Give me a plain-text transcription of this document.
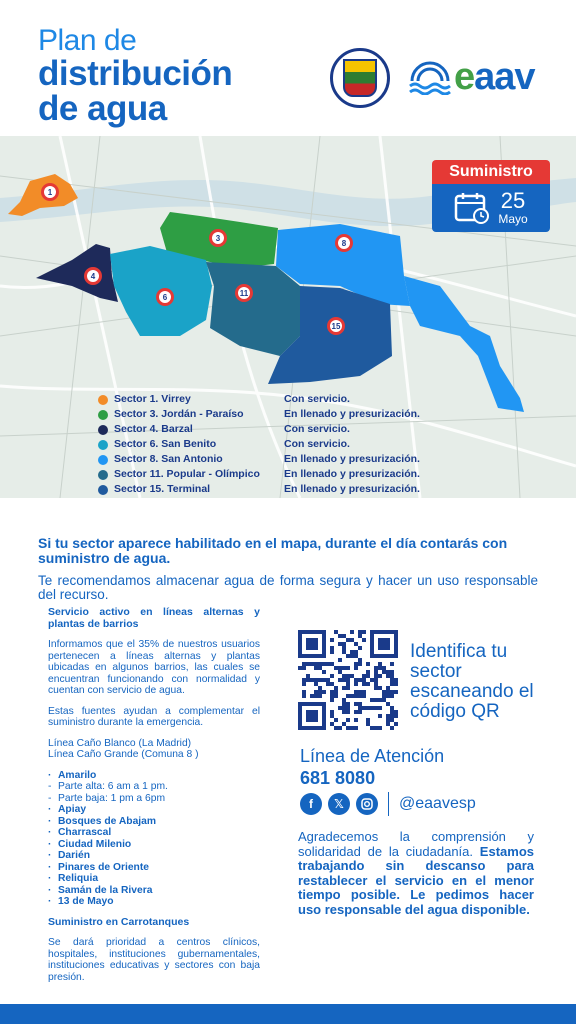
Plan de
distribución
de agua
eaav
1
3
4
6
8
11
15
Suministro
25
Mayo
Sector 1. Virrey	Con servicio.
Sector 3. Jordán - Paraíso	En llenado y presurización.
Sector 4. Barzal	Con servicio.
Sector 6. San Benito	Con servicio.
Sector 8. San Antonio	En llenado y presurización.
Sector 11. Popular - Olímpico	En llenado y presurización.
Sector 15. Terminal	En llenado y presurización.

Si tu sector aparece habilitado en el mapa, durante el día contarás con suministro de agua.

Te recomendamos almacenar agua de forma segura y hacer un uso responsable del recurso.

Servicio activo en líneas alternas y plantas de barrios

Informamos que el 35% de nuestros usuarios pertenecen a líneas alternas y plantas ubicadas en algunos barrios, las cuales se encuentran funcionando con normalidad y cuentan con servicio de agua.

Estas fuentes ayudan a complementar el suministro durante la emergencia.

Línea Caño Blanco (La Madrid)

Línea Caño Grande (Comuna 8 )

· Amarilo
- Parte alta: 6 am a 1 pm.
- Parte baja: 1 pm a 6pm
· Apiay
· Bosques de Abajam
· Charrascal
· Ciudad Milenio
· Darién
· Pinares de Oriente
· Reliquia
· Samán de la Rivera
· 13 de Mayo

Suministro en Carrotanques

Se dará prioridad a centros clínicos, hospitales, instituciones gubernamentales, instituciones educativas y sectores con baja presión.

Identifica tu sector escaneando el código QR
Línea de Atención
681 8080
f	𝕏	@eaavesp

Agradecemos la comprensión y solidaridad de la ciudadanía. Estamos trabajando sin descanso para restablecer el servicio en el menor tiempo posible. Le pedimos hacer uso responsable del agua disponible.
